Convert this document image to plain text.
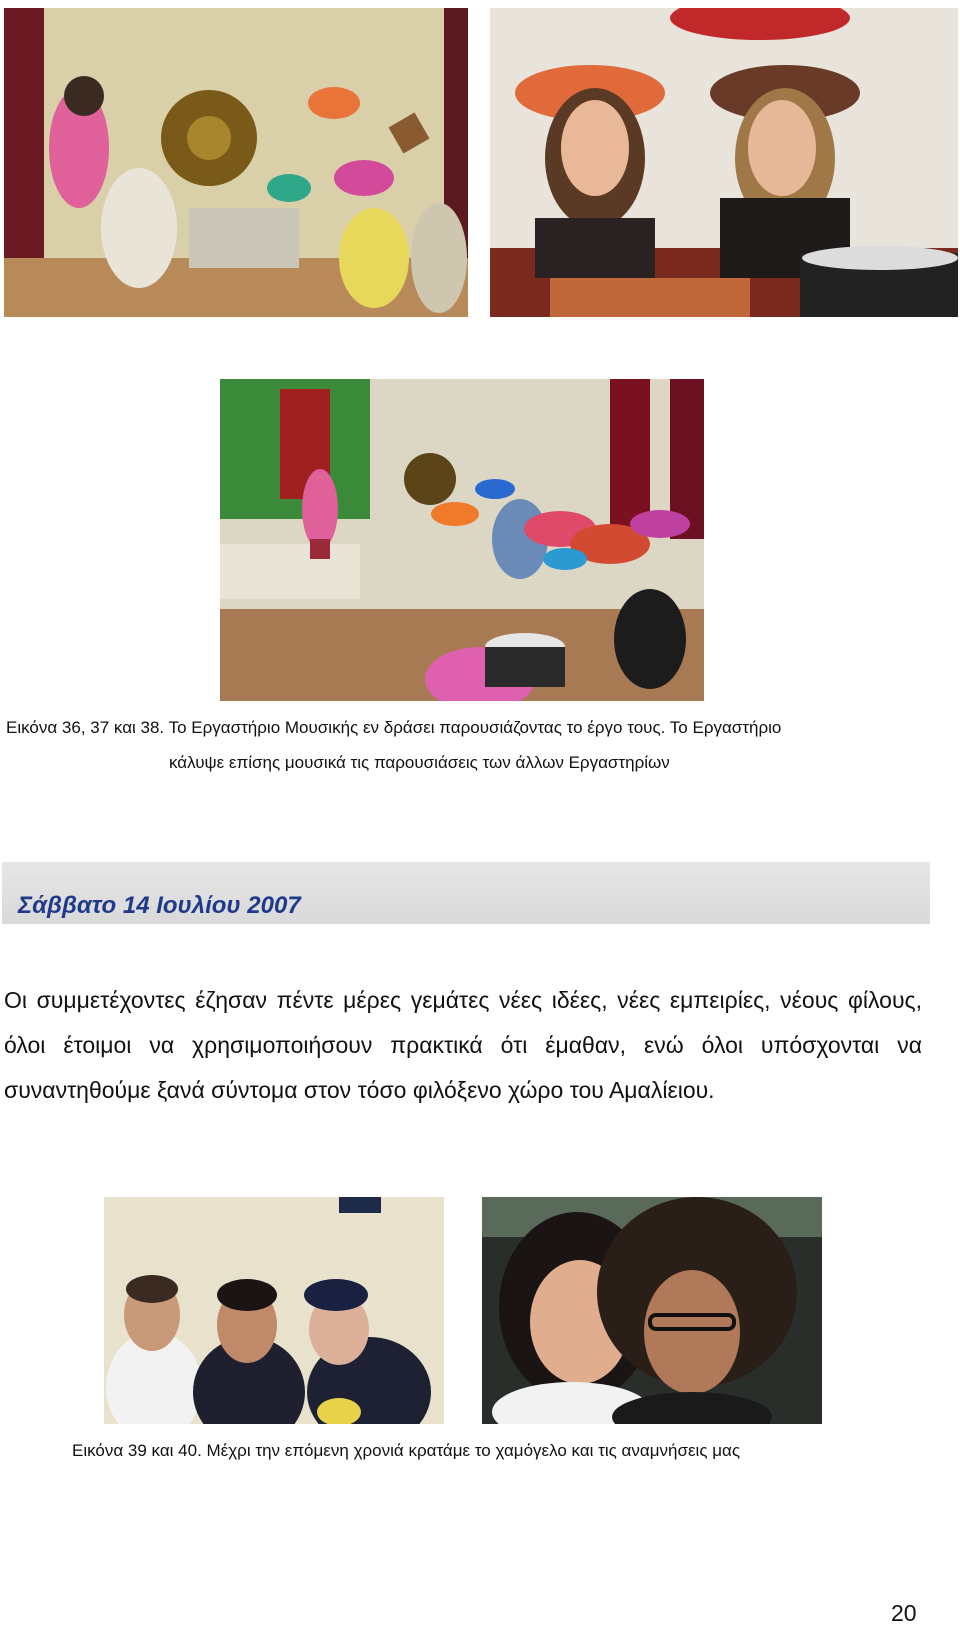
Εικόνα 36, 37 και 38. Το Εργαστήριο Μουσικής εν δράσει παρουσιάζοντας το έργο τους. Το Εργαστήριο
κάλυψε επίσης μουσικά τις παρουσιάσεις των άλλων Εργαστηρίων
Σάββατο 14 Ιουλίου 2007

Οι συμμετέχοντες έζησαν πέντε μέρες γεμάτες νέες ιδέες, νέες εμπειρίες, νέους φίλους, όλοι έτοιμοι να χρησιμοποιήσουν πρακτικά ότι έμαθαν, ενώ όλοι υπόσχονται να συναντηθούμε ξανά σύντομα στον τόσο φιλόξενο χώρο του Αμαλίειου.

Εικόνα 39 και 40. Μέχρι την επόμενη χρονιά κρατάμε το χαμόγελο και τις αναμνήσεις μας
20
